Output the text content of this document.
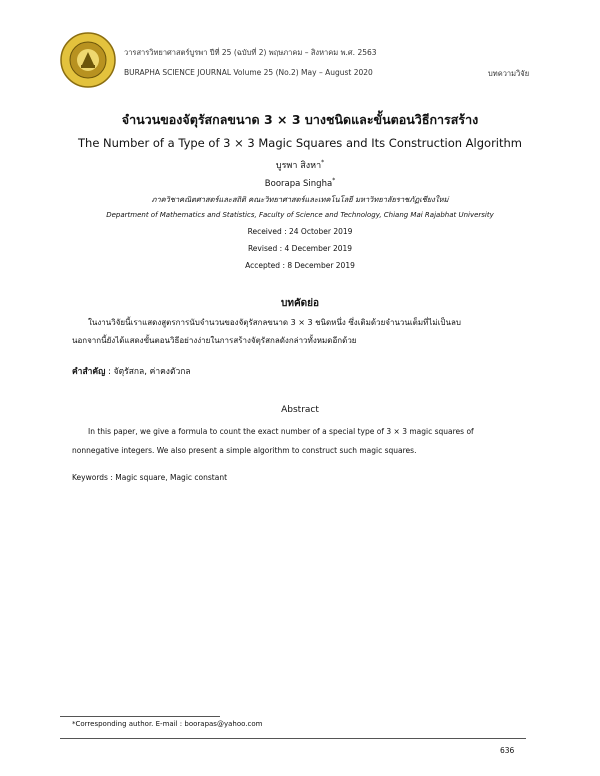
วารสารวิทยาศาสตร์บูรพา ปีที่ 25 (ฉบับที่ 2) พฤษภาคม – สิงหาคม พ.ศ. 2563
BURAPHA SCIENCE JOURNAL Volume 25 (No.2) May – August 2020	บทความวิจัย
จำนวนของจัตุรัสกลขนาด 3 × 3 บางชนิดและขั้นตอนวิธีการสร้าง
The Number of a Type of 3 × 3 Magic Squares and Its Construction Algorithm
บูรพา สิงหา*
Boorapa Singha*
ภาควิชาคณิตศาสตร์และสถิติ คณะวิทยาศาสตร์และเทคโนโลยี มหาวิทยาลัยราชภัฏเชียงใหม่
Department of Mathematics and Statistics, Faculty of Science and Technology, Chiang Mai Rajabhat University
Received : 24 October 2019
Revised : 4 December 2019
Accepted : 8 December 2019
บทคัดย่อ
ในงานวิจัยนี้เราแสดงสูตรการนับจำนวนของจัตุรัสกลขนาด 3 × 3 ชนิดหนึ่ง ซึ่งเติมด้วยจำนวนเต็มที่ไม่เป็นลบ
นอกจากนี้ยังได้แสดงขั้นตอนวิธีอย่างง่ายในการสร้างจัตุรัสกลดังกล่าวทั้งหมดอีกด้วย
คำสำคัญ : จัตุรัสกล, ค่าคงตัวกล
Abstract
In this paper, we give a formula to count the exact number of a special type of 3 × 3 magic squares of
nonnegative integers. We also present a simple algorithm to construct such magic squares.
Keywords : Magic square, Magic constant
*Corresponding author. E-mail : boorapas@yahoo.com
636
